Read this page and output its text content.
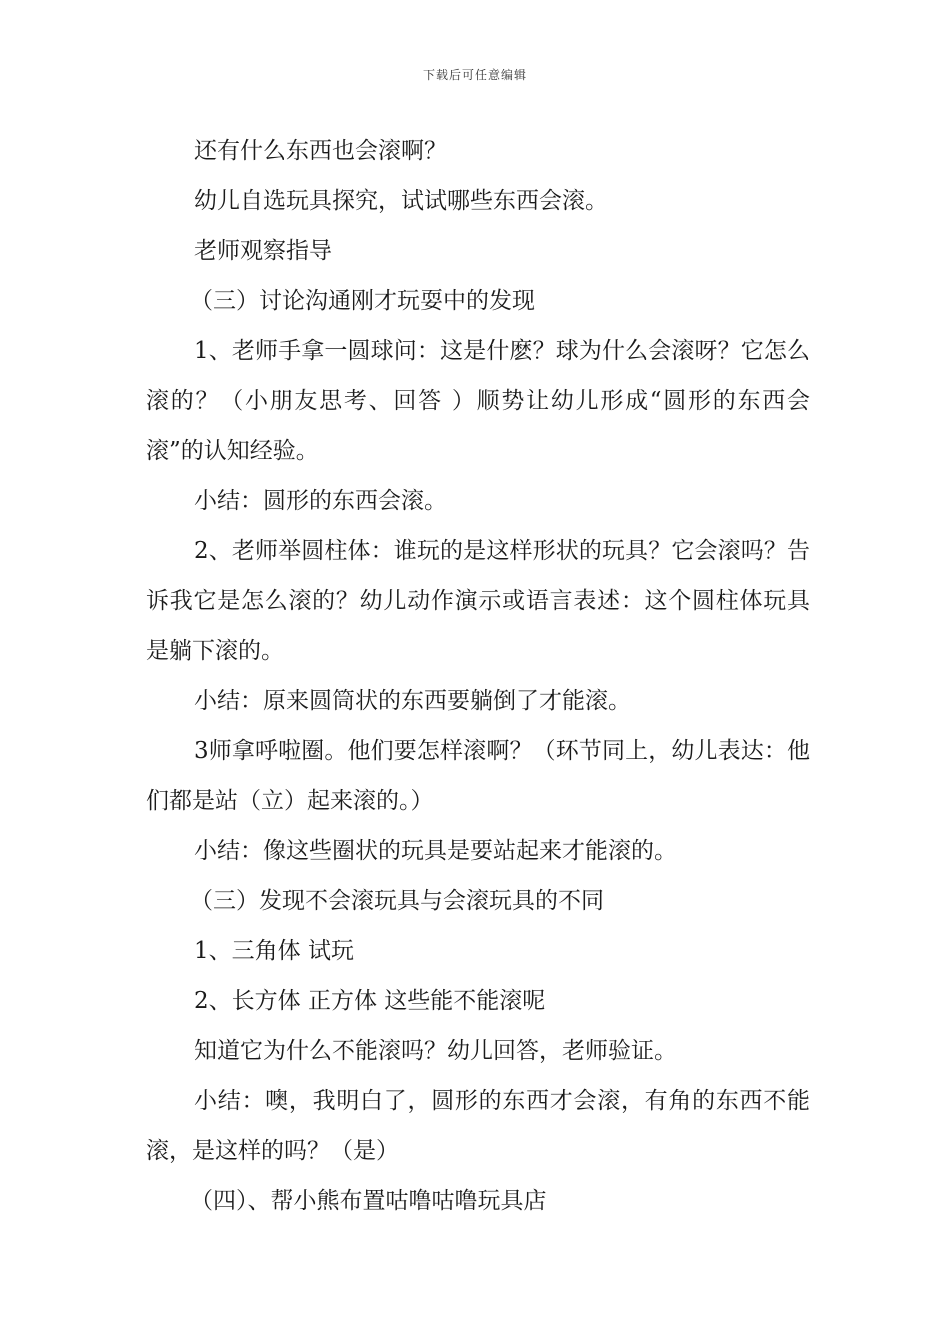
下载后可任意编辑

还有什么东西也会滚啊？

幼儿自选玩具探究，试试哪些东西会滚。

老师观察指导

（三）讨论沟通刚才玩耍中的发现

1、老师手拿一圆球问：这是什麽？球为什么会滚呀？它怎么滚的？（小朋友思考、回答 ）顺势让幼儿形成“圆形的东西会滚”的认知经验。

小结：圆形的东西会滚。

2、老师举圆柱体：谁玩的是这样形状的玩具？它会滚吗？告诉我它是怎么滚的？幼儿动作演示或语言表述：这个圆柱体玩具是躺下滚的。

小结：原来圆筒状的东西要躺倒了才能滚。

3师拿呼啦圈。他们要怎样滚啊？（环节同上，幼儿表达：他们都是站（立）起来滚的。）

小结：像这些圈状的玩具是要站起来才能滚的。

（三）发现不会滚玩具与会滚玩具的不同

1、三角体 试玩

2、长方体 正方体 这些能不能滚呢

知道它为什么不能滚吗？幼儿回答，老师验证。

小结：噢，我明白了，圆形的东西才会滚，有角的东西不能滚，是这样的吗？（是）

（四）、帮小熊布置咕噜咕噜玩具店
